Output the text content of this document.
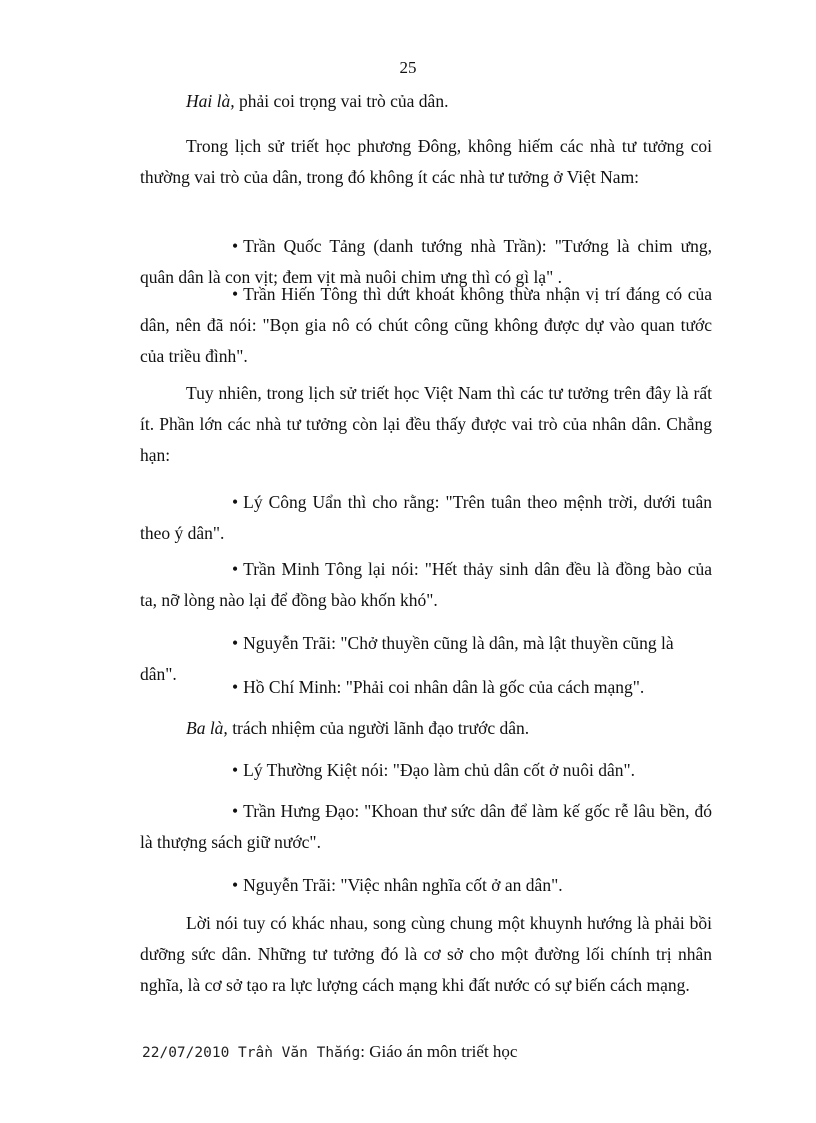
25

Hai là, phải coi trọng vai trò của dân.

Trong lịch sử triết học phương Đông, không hiếm các nhà tư tưởng coi thường vai trò của dân, trong đó không ít các nhà tư tưởng ở Việt Nam:

• Trần Quốc Tảng (danh tướng nhà Trần): "Tướng là chim ưng, quân dân là con vịt; đem vịt mà nuôi chim ưng thì có gì lạ" .

• Trần Hiến Tông thì dứt khoát không thừa nhận vị trí đáng có của dân, nên đã nói: "Bọn gia nô có chút công cũng không được dự vào quan tước của triều đình".

Tuy nhiên, trong lịch sử triết học Việt Nam thì các tư tưởng trên đây là rất ít. Phần lớn các nhà tư tưởng còn lại đều thấy được vai trò của nhân dân. Chẳng hạn:

• Lý Công Uẩn thì cho rằng: "Trên tuân theo mệnh trời, dưới tuân theo ý dân".

• Trần Minh Tông lại nói: "Hết thảy sinh dân đều là đồng bào của ta, nỡ lòng nào lại để đồng bào khốn khó".

• Nguyễn Trãi: "Chở thuyền cũng là dân, mà lật thuyền cũng là dân".

• Hồ Chí Minh: "Phải coi nhân dân là gốc của cách mạng".

Ba là, trách nhiệm của người lãnh đạo trước dân.

• Lý Thường Kiệt nói: "Đạo làm chủ dân cốt ở nuôi dân".

• Trần Hưng Đạo: "Khoan thư sức dân để làm kế gốc rễ lâu bền, đó là thượng sách giữ nước".

• Nguyễn Trãi: "Việc nhân nghĩa cốt ở an dân".

Lời nói tuy có khác nhau, song cùng chung một khuynh hướng là phải bồi dưỡng sức dân. Những tư tưởng đó là cơ sở cho một đường lối chính trị nhân nghĩa, là cơ sở tạo ra lực lượng cách mạng khi đất nước có sự biến cách mạng.

22/07/2010 Trần Văn Thắng: Giáo án môn triết học
